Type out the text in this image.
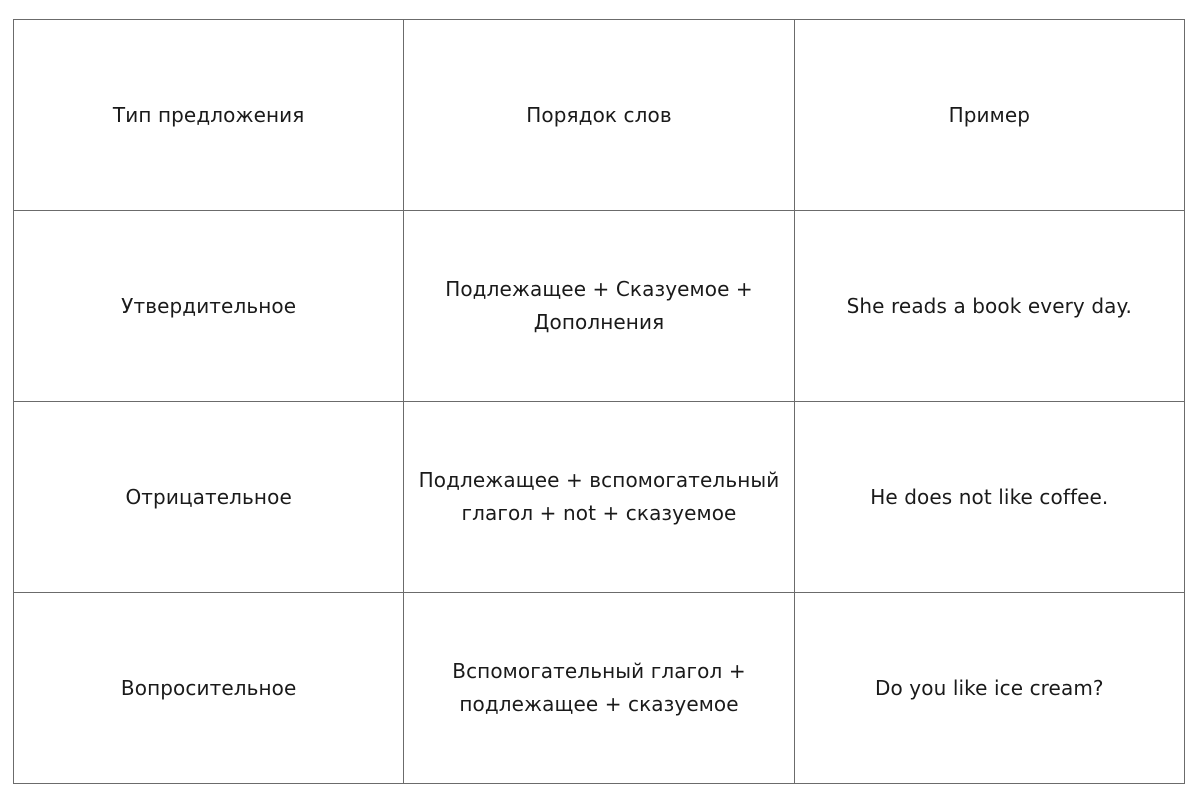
Тип предложения	Порядок слов	Пример
Утвердительное	Подлежащее + Сказуемое + Дополнения	She reads a book every day.
Отрицательное	Подлежащее + вспомогательный глагол + not + сказуемое	He does not like coffee.
Вопросительное	Вспомогательный глагол + подлежащее + сказуемое	Do you like ice cream?
